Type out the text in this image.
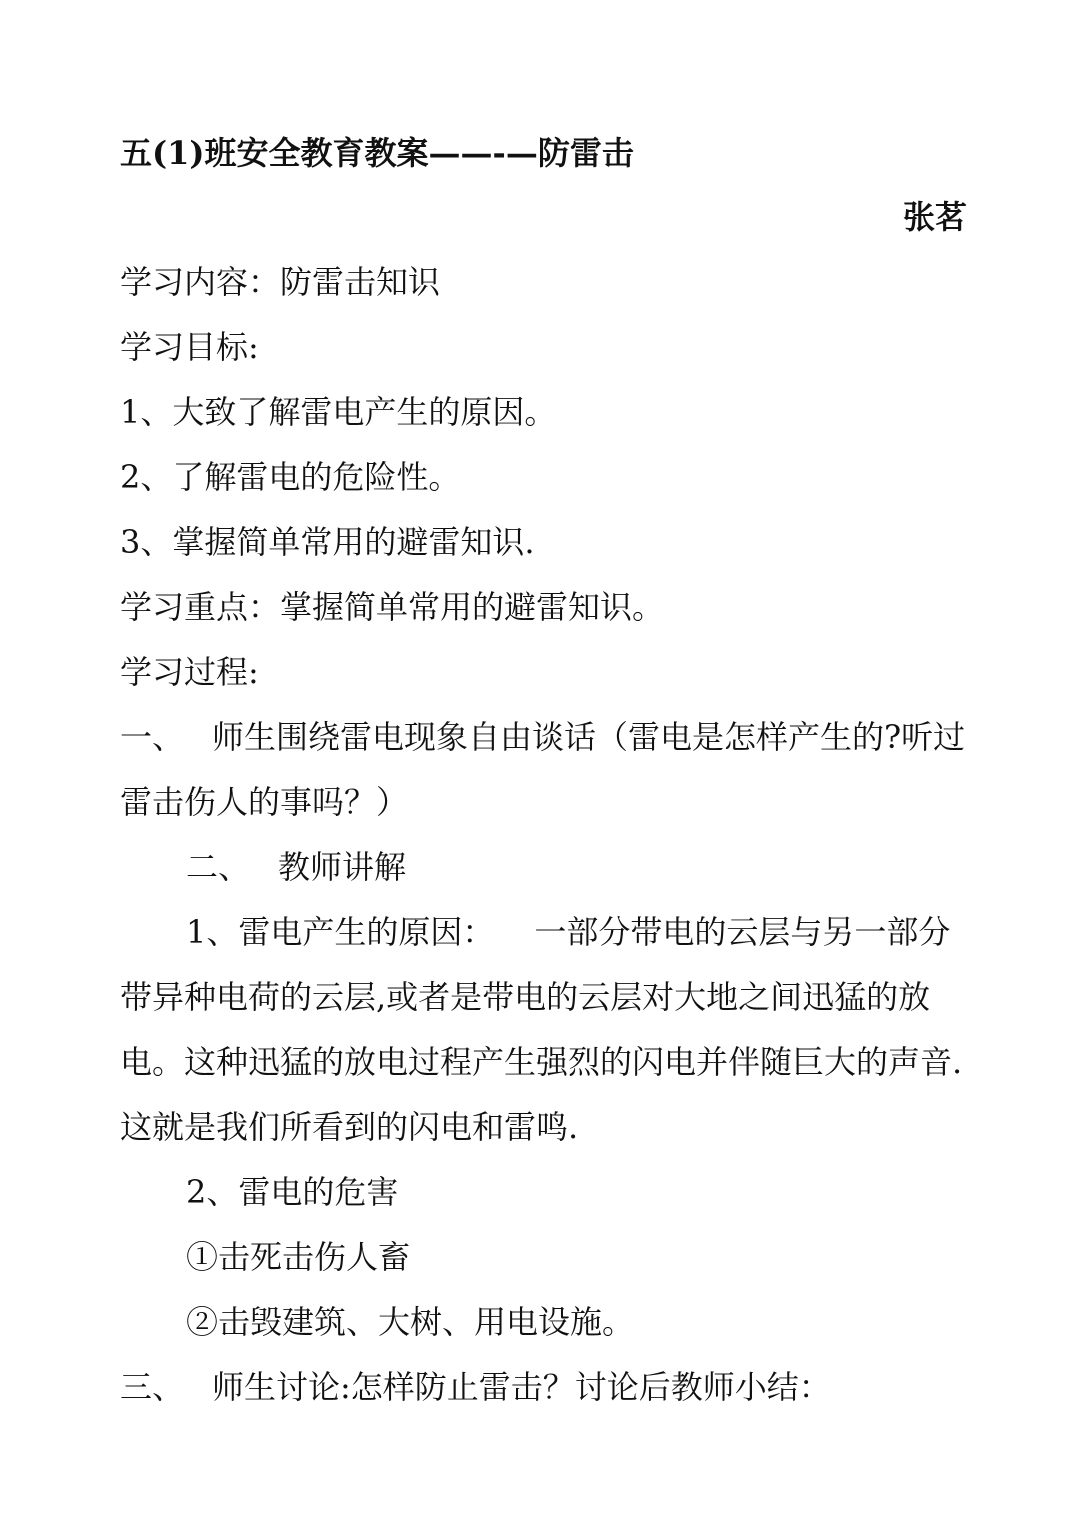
五(1)班安全教育教案——-—防雷击
张茗
学习内容：防雷击知识
学习目标:
1、大致了解雷电产生的原因。
2、了解雷电的危险性。
3、掌握简单常用的避雷知识.
学习重点：掌握简单常用的避雷知识。
学习过程:
一、 师生围绕雷电现象自由谈话（雷电是怎样产生的?听过
雷击伤人的事吗？）
二、 教师讲解
1、雷电产生的原因： 一部分带电的云层与另一部分
带异种电荷的云层,或者是带电的云层对大地之间迅猛的放
电。这种迅猛的放电过程产生强烈的闪电并伴随巨大的声音.
这就是我们所看到的闪电和雷鸣.
2、雷电的危害
①击死击伤人畜
②击毁建筑、大树、用电设施。
三、 师生讨论:怎样防止雷击？讨论后教师小结：
